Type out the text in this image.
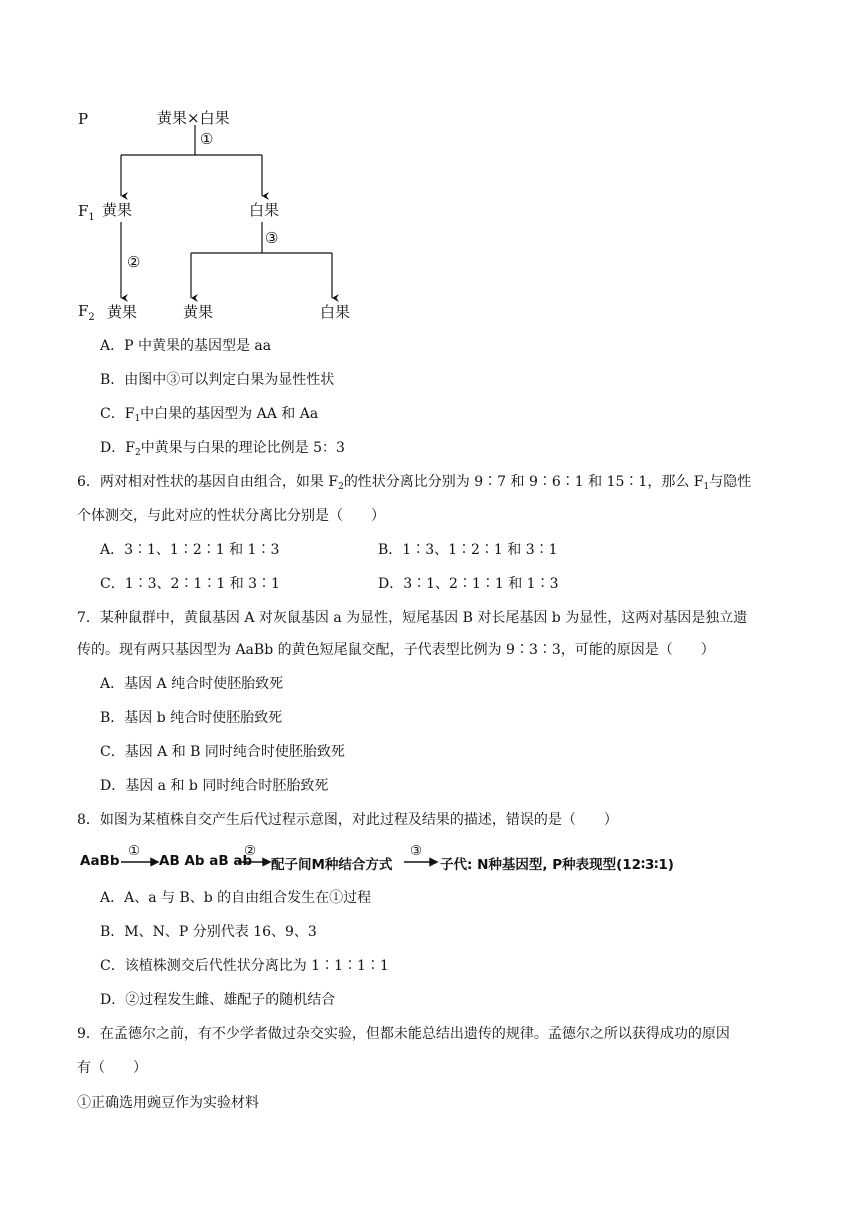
P
$F_1$
$F_2$
黄果×白果
①
黄果	白果
②
③
黄果	黄果	白果
A．P 中黄果的基因型是 aa
B．由图中③可以判定白果为显性性状
C．$F_1$中白果的基因型为 AA 和 Aa
D．$F_2$中黄果与白果的理论比例是 5：3
6．两对相对性状的基因自由组合，如果 $F_2$的性状分离比分别为 9∶7 和 9∶6∶1 和 15∶1，那么 $F_1$与隐性
个体测交，与此对应的性状分离比分别是（　　）
A．3∶1、1∶2∶1 和 1∶3	B．1∶3、1∶2∶1 和 3∶1
C．1∶3、2∶1∶1 和 3∶1	D．3∶1、2∶1∶1 和 1∶3
7．某种鼠群中，黄鼠基因 A 对灰鼠基因 a 为显性，短尾基因 B 对长尾基因 b 为显性，这两对基因是独立遗
传的。现有两只基因型为 AaBb 的黄色短尾鼠交配，子代表型比例为 9∶3∶3，可能的原因是（　　）
A．基因 A 纯合时使胚胎致死
B．基因 b 纯合时使胚胎致死
C．基因 A 和 B 同时纯合时使胚胎致死
D．基因 a 和 b 同时纯合时胚胎致死
8．如图为某植株自交产生后代过程示意图，对此过程及结果的描述，错误的是（　　）
AaBb
①
AB Ab aB ab
②
配子间M种结合方式
③
子代: N种基因型, P种表现型(12∶3∶1)
A．A、a 与 B、b 的自由组合发生在①过程
B．M、N、P 分别代表 16、9、3
C．该植株测交后代性状分离比为 1∶1∶1∶1
D．②过程发生雌、雄配子的随机结合
9．在孟德尔之前，有不少学者做过杂交实验，但都未能总结出遗传的规律。孟德尔之所以获得成功的原因
有（　　）
①正确选用豌豆作为实验材料
